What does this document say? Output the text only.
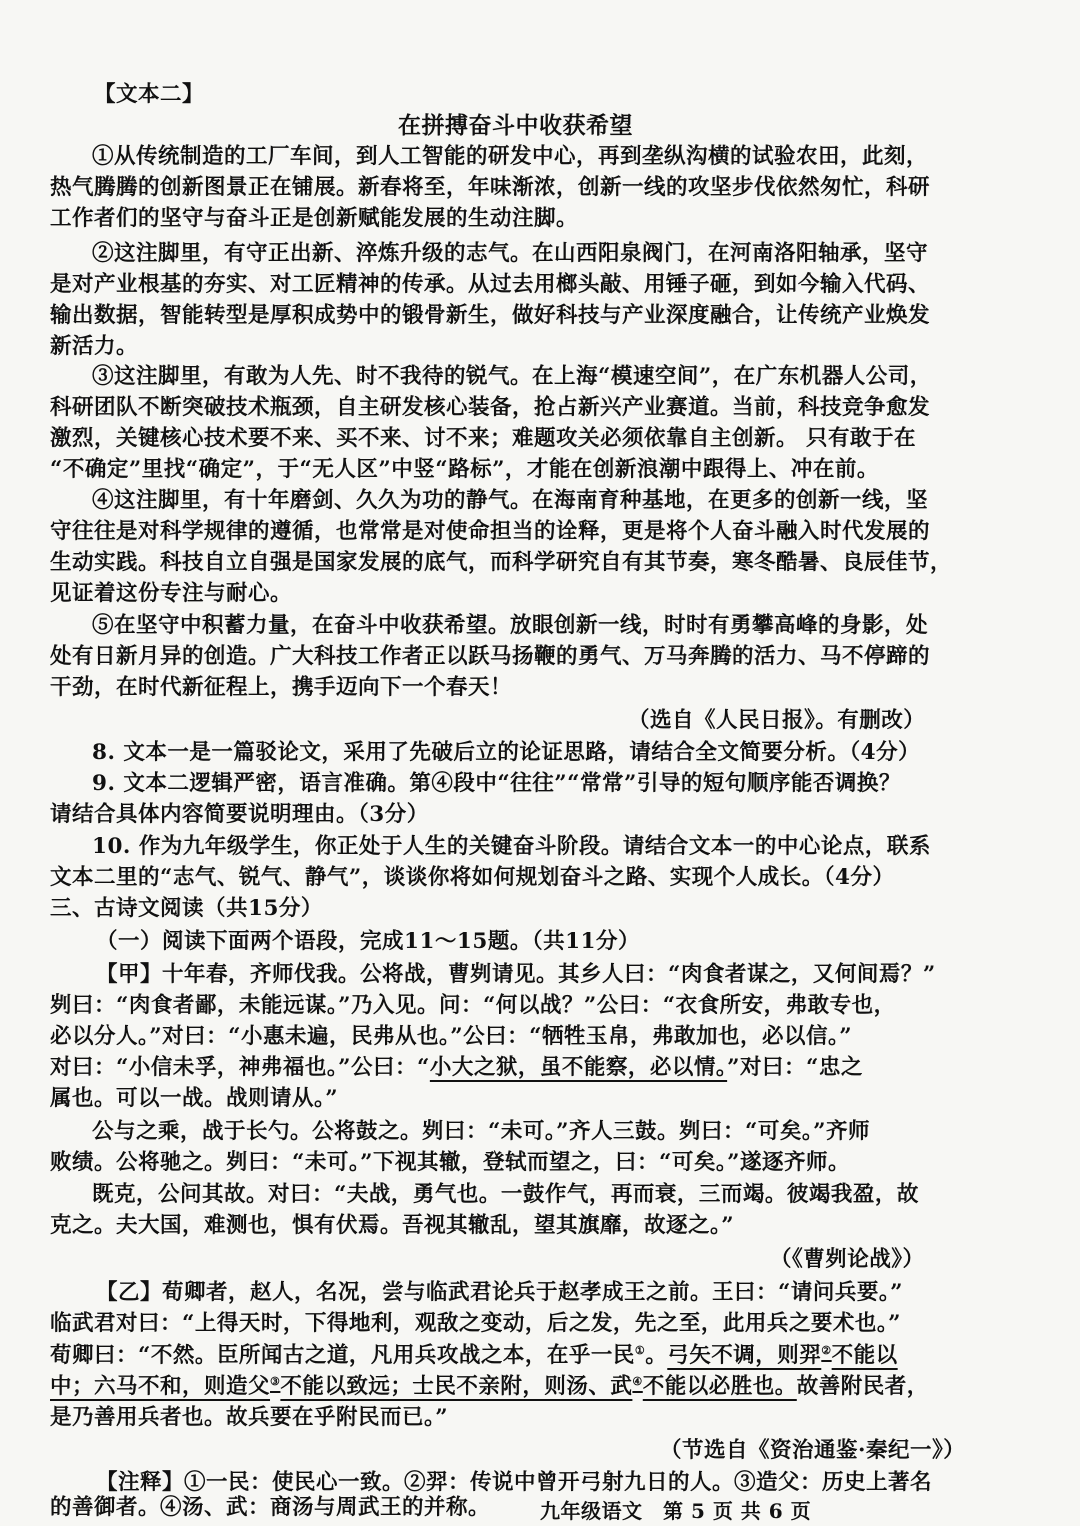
【文本二】
在拼搏奋斗中收获希望
①从传统制造的工厂车间，到人工智能的研发中心，再到垄纵沟横的试验农田，此刻，
热气腾腾的创新图景正在铺展。新春将至，年味渐浓，创新一线的攻坚步伐依然匆忙，科研
工作者们的坚守与奋斗正是创新赋能发展的生动注脚。
②这注脚里，有守正出新、淬炼升级的志气。在山西阳泉阀门，在河南洛阳轴承，坚守
是对产业根基的夯实、对工匠精神的传承。从过去用榔头敲、用锤子砸，到如今输入代码、
输出数据，智能转型是厚积成势中的锻骨新生，做好科技与产业深度融合，让传统产业焕发
新活力。
③这注脚里，有敢为人先、时不我待的锐气。在上海“模速空间”，在广东机器人公司，
科研团队不断突破技术瓶颈，自主研发核心装备，抢占新兴产业赛道。当前，科技竞争愈发
激烈，关键核心技术要不来、买不来、讨不来；难题攻关必须依靠自主创新。 只有敢于在
“不确定”里找“确定”，于“无人区”中竖“路标”，才能在创新浪潮中跟得上、冲在前。
④这注脚里，有十年磨剑、久久为功的静气。在海南育种基地，在更多的创新一线，坚
守往往是对科学规律的遵循，也常常是对使命担当的诠释，更是将个人奋斗融入时代发展的
生动实践。科技自立自强是国家发展的底气，而科学研究自有其节奏，寒冬酷暑、良辰佳节，
见证着这份专注与耐心。
⑤在坚守中积蓄力量，在奋斗中收获希望。放眼创新一线，时时有勇攀高峰的身影，处
处有日新月异的创造。广大科技工作者正以跃马扬鞭的勇气、万马奔腾的活力、马不停蹄的
干劲，在时代新征程上，携手迈向下一个春天！
（选自《人民日报》。有删改）
8. 文本一是一篇驳论文，采用了先破后立的论证思路，请结合全文简要分析。（4分）
9. 文本二逻辑严密，语言准确。第④段中“往往”“常常”引导的短句顺序能否调换？
请结合具体内容简要说明理由。（3分）
10. 作为九年级学生，你正处于人生的关键奋斗阶段。请结合文本一的中心论点，联系
文本二里的“志气、锐气、静气”，谈谈你将如何规划奋斗之路、实现个人成长。（4分）
三、古诗文阅读（共15分）
（一）阅读下面两个语段，完成11～15题。（共11分）
【甲】十年春，齐师伐我。公将战，曹刿请见。其乡人曰：“肉食者谋之，又何间焉？”
刿曰：“肉食者鄙，未能远谋。”乃入见。问：“何以战？”公曰：“衣食所安，弗敢专也，
必以分人。”对曰：“小惠未遍，民弗从也。”公曰：“牺牲玉帛，弗敢加也，必以信。”
对曰：“小信未孚，神弗福也。”公曰：“小大之狱，虽不能察，必以情。”对曰：“忠之
属也。可以一战。战则请从。”
公与之乘，战于长勺。公将鼓之。刿曰：“未可。”齐人三鼓。刿曰：“可矣。”齐师
败绩。公将驰之。刿曰：“未可。”下视其辙，登轼而望之，曰：“可矣。”遂逐齐师。
既克，公问其故。对曰：“夫战，勇气也。一鼓作气，再而衰，三而竭。彼竭我盈，故
克之。夫大国，难测也，惧有伏焉。吾视其辙乱，望其旗靡，故逐之。”
（《曹刿论战》）
【乙】荀卿者，赵人，名况，尝与临武君论兵于赵孝成王之前。王曰：“请问兵要。”
临武君对曰：“上得天时，下得地利，观敌之变动，后之发，先之至，此用兵之要术也。”
荀卿曰：“不然。臣所闻古之道，凡用兵攻战之本，在乎一民①。弓矢不调，则羿②不能以
中；六马不和，则造父③不能以致远；士民不亲附，则汤、武④不能以必胜也。故善附民者，
是乃善用兵者也。故兵要在乎附民而已。”
（节选自《资治通鉴·秦纪一》）
【注释】①一民：使民心一致。②羿：传说中曾开弓射九日的人。③造父：历史上著名
的善御者。④汤、武：商汤与周武王的并称。 九年级语文　第 5 页 共 6 页
